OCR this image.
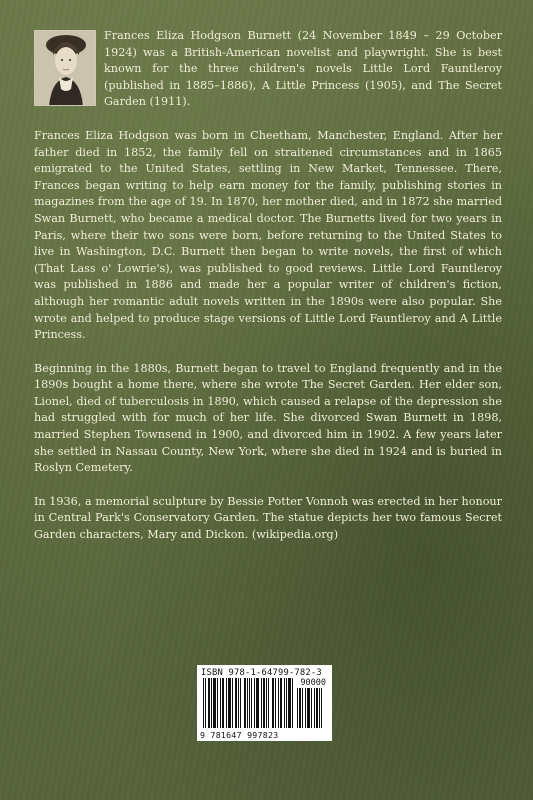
Frances Eliza Hodgson Burnett (24 November 1849 – 29 October 1924) was a British-American novelist and playwright. She is best known for the three children's novels Little Lord Fauntleroy (published in 1885–1886), A Little Princess (1905), and The Secret Garden (1911).

Frances Eliza Hodgson was born in Cheetham, Manchester, England. After her father died in 1852, the family fell on straitened circumstances and in 1865 emigrated to the United States, settling in New Market, Tennessee. There, Frances began writing to help earn money for the family, publishing stories in magazines from the age of 19. In 1870, her mother died, and in 1872 she married Swan Burnett, who became a medical doctor. The Burnetts lived for two years in Paris, where their two sons were born, before returning to the United States to live in Washington, D.C. Burnett then began to write novels, the first of which (That Lass o' Lowrie's), was published to good reviews. Little Lord Fauntleroy was published in 1886 and made her a popular writer of children's fiction, although her romantic adult novels written in the 1890s were also popular. She wrote and helped to produce stage versions of Little Lord Fauntleroy and A Little Princess.

Beginning in the 1880s, Burnett began to travel to England frequently and in the 1890s bought a home there, where she wrote The Secret Garden. Her elder son, Lionel, died of tuberculosis in 1890, which caused a relapse of the depression she had struggled with for much of her life. She divorced Swan Burnett in 1898, married Stephen Townsend in 1900, and divorced him in 1902. A few years later she settled in Nassau County, New York, where she died in 1924 and is buried in Roslyn Cemetery.

In 1936, a memorial sculpture by Bessie Potter Vonnoh was erected in her honour in Central Park's Conservatory Garden. The statue depicts her two famous Secret Garden characters, Mary and Dickon. (wikipedia.org)

ISBN 978-1-64799-782-3
90000
9 781647 997823
